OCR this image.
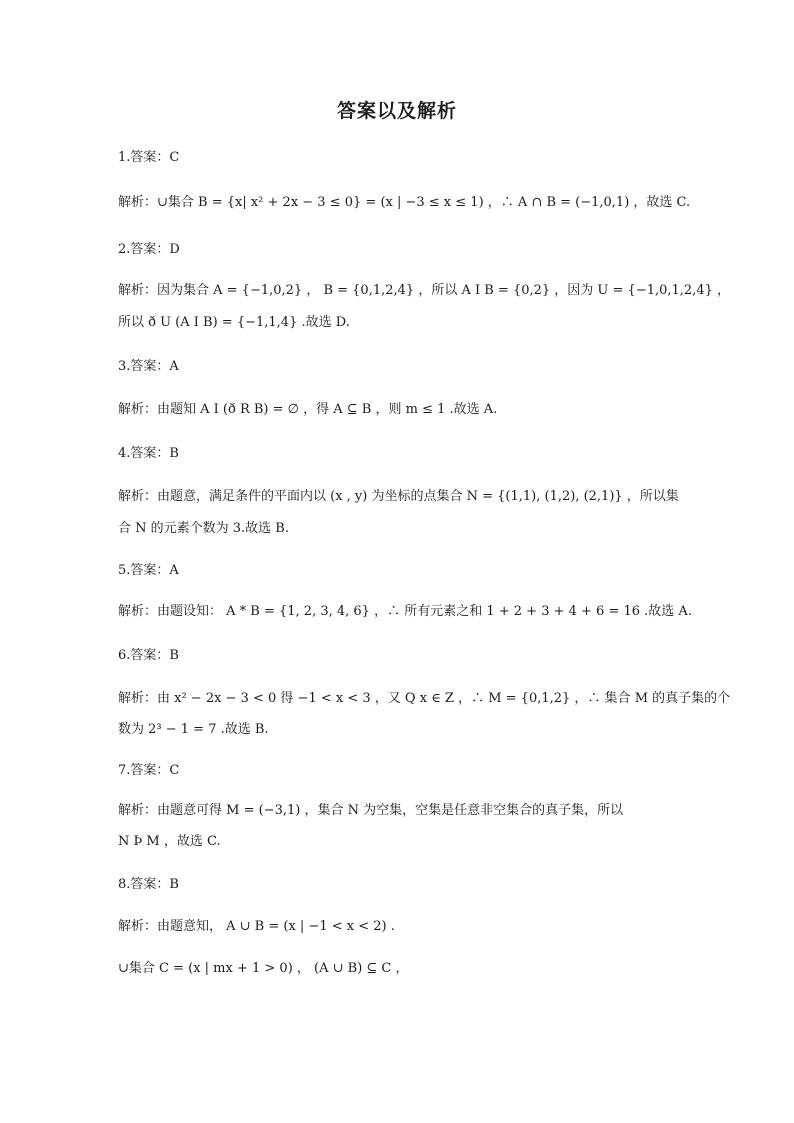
答案以及解析
1.答案：C
解析：∪集合 B = {x| x² + 2x − 3 ≤ 0} = (x | −3 ≤ x ≤ 1) ，∴ A ∩ B = (−1,0,1) ，故选 C.
2.答案：D
解析：因为集合 A = {−1,0,2} ， B = {0,1,2,4} ，所以 A I B = {0,2} ，因为 U = {−1,0,1,2,4} ，
所以 ð U (A I B) = {−1,1,4} .故选 D.
3.答案：A
解析：由题知 A I (ð R B) = ∅ ，得 A ⊆ B ，则 m ≤ 1 .故选 A.
4.答案：B
解析：由题意，满足条件的平面内以 (x , y) 为坐标的点集合 N = {(1,1), (1,2), (2,1)} ，所以集
合 N 的元素个数为 3.故选 B.
5.答案：A
解析：由题设知： A * B = {1, 2, 3, 4, 6} ，∴ 所有元素之和 1 + 2 + 3 + 4 + 6 = 16 .故选 A.
6.答案：B
解析：由 x² − 2x − 3 < 0 得 −1 < x < 3 ，又 Q x ∈ Z ，∴ M = {0,1,2} ，∴ 集合 M 的真子集的个
数为 2³ − 1 = 7 .故选 B.
7.答案：C
解析：由题意可得 M = (−3,1) ，集合 N 为空集，空集是任意非空集合的真子集，所以
N Þ M ，故选 C.
8.答案：B
解析：由题意知， A ∪ B = (x | −1 < x < 2) .
∪集合 C = (x | mx + 1 > 0) ， (A ∪ B) ⊆ C ，
